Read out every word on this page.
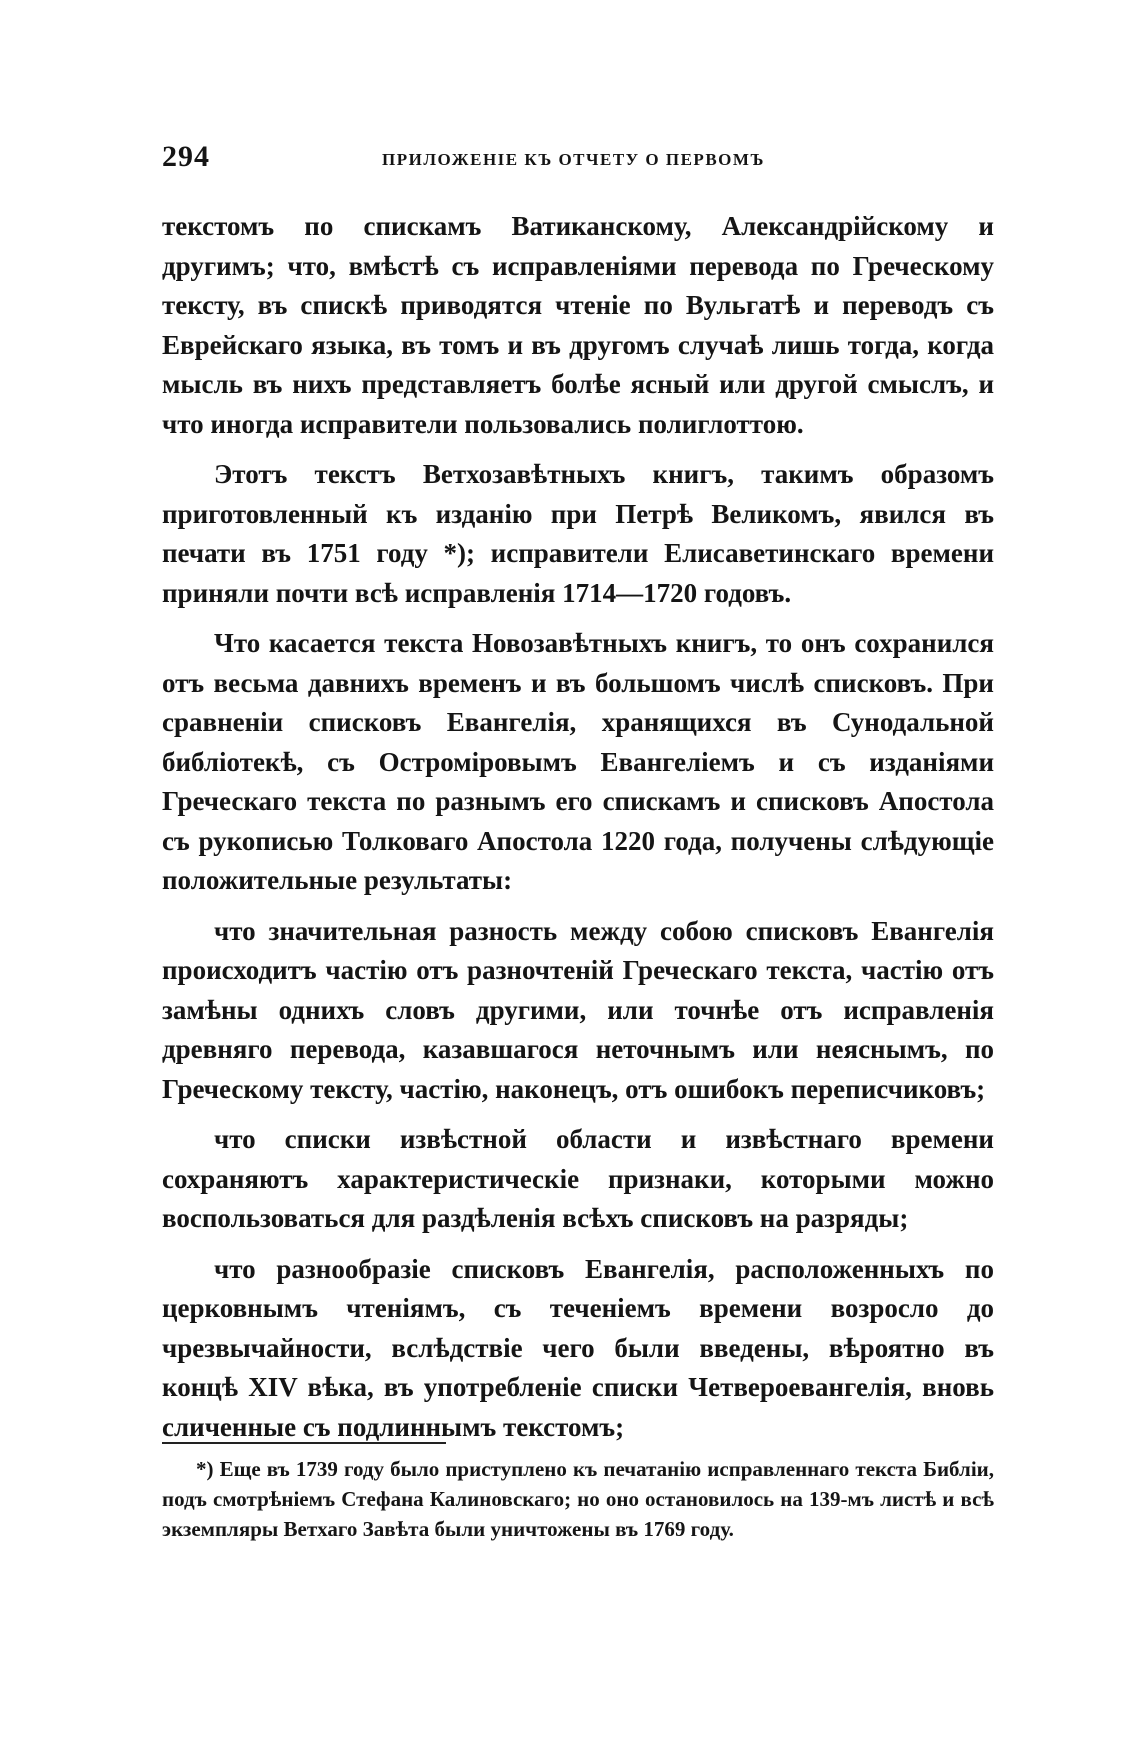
294	ПРИЛОЖЕНІЕ КЪ ОТЧЕТУ О ПЕРВОМЪ

текстомъ по спискамъ Ватиканскому, Александрійскому и другимъ; что, вмѣстѣ съ исправленіями перевода по Греческому тексту, въ спискѣ приводятся чтеніе по Вульгатѣ и переводъ съ Еврейскаго языка, въ томъ и въ другомъ случаѣ лишь тогда, когда мысль въ нихъ представляетъ болѣе ясный или другой смыслъ, и что иногда исправители пользовались полиглоттою.

Этотъ текстъ Ветхозавѣтныхъ книгъ, такимъ образомъ приготовленный къ изданію при Петрѣ Великомъ, явился въ печати въ 1751 году *); исправители Елисаветинскаго времени приняли почти всѣ исправленія 1714—1720 годовъ.

Что касается текста Новозавѣтныхъ книгъ, то онъ сохранился отъ весьма давнихъ временъ и въ большомъ числѣ списковъ. При сравненіи списковъ Евангелія, хранящихся въ Сунодальной библіотекѣ, съ Остроміровымъ Евангеліемъ и съ изданіями Греческаго текста по разнымъ его спискамъ и списковъ Апостола съ рукописью Толковаго Апостола 1220 года, получены слѣдующіе положительные результаты:

что значительная разность между собою списковъ Евангелія происходитъ частію отъ разночтеній Греческаго текста, частію отъ замѣны однихъ словъ другими, или точнѣе отъ исправленія древняго перевода, казавшагося неточнымъ или неяснымъ, по Греческому тексту, частію, наконецъ, отъ ошибокъ переписчиковъ;

что списки извѣстной области и извѣстнаго времени сохраняютъ характеристическіе признаки, которыми можно воспользоваться для раздѣленія всѣхъ списковъ на разряды;

что разнообразіе списковъ Евангелія, расположенныхъ по церковнымъ чтеніямъ, съ теченіемъ времени возросло до чрезвычайности, вслѣдствіе чего были введены, вѣроятно въ концѣ XIV вѣка, въ употребленіе списки Четвероевангелія, вновь сличенные съ подлиннымъ текстомъ;

*) Еще въ 1739 году было приступлено къ печатанію исправленнаго текста Библіи, подъ смотрѣніемъ Стефана Калиновскаго; но оно остановилось на 139-мъ листѣ и всѣ экземпляры Ветхаго Завѣта были уничтожены въ 1769 году.
